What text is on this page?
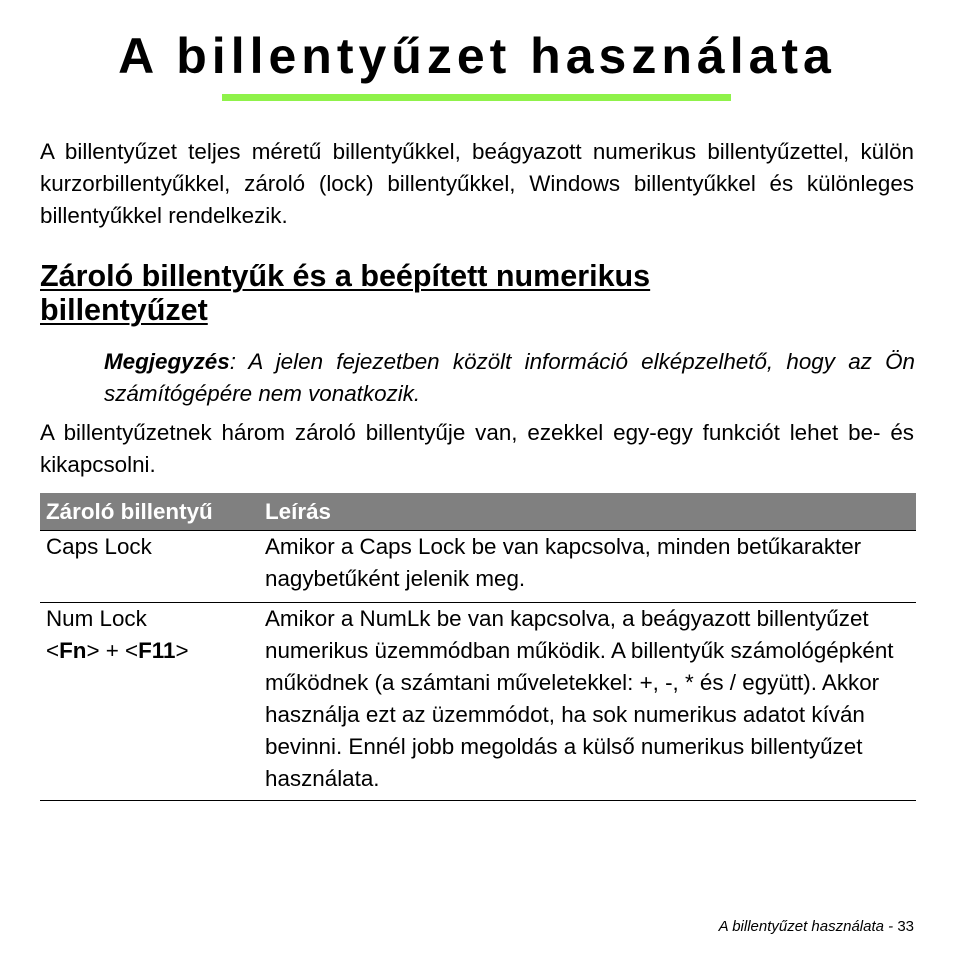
A billentyűzet használata

A billentyűzet teljes méretű billentyűkkel, beágyazott numerikus billentyűzettel, külön kurzorbillentyűkkel, zároló (lock) billentyűkkel, Windows billentyűkkel és különleges billentyűkkel rendelkezik.

Zároló billentyűk és a beépített numerikus
billentyűzet

Megjegyzés: A jelen fejezetben közölt információ elképzelhető, hogy az Ön számítógépére nem vonatkozik.

A billentyűzetnek három zároló billentyűje van, ezekkel egy-egy funkciót lehet be- és kikapcsolni.

Zároló billentyű	Leírás
Caps Lock	Amikor a Caps Lock be van kapcsolva, minden betűkarakter nagybetűként jelenik meg.
Num Lock
<Fn> + <F11>	Amikor a NumLk be van kapcsolva, a beágyazott billentyűzet numerikus üzemmódban működik. A billentyűk számológépként működnek (a számtani műveletekkel: +, -, * és / együtt). Akkor használja ezt az üzemmódot, ha sok numerikus adatot kíván bevinni. Ennél jobb megoldás a külső numerikus billentyűzet használata.
A billentyűzet használata - 33
